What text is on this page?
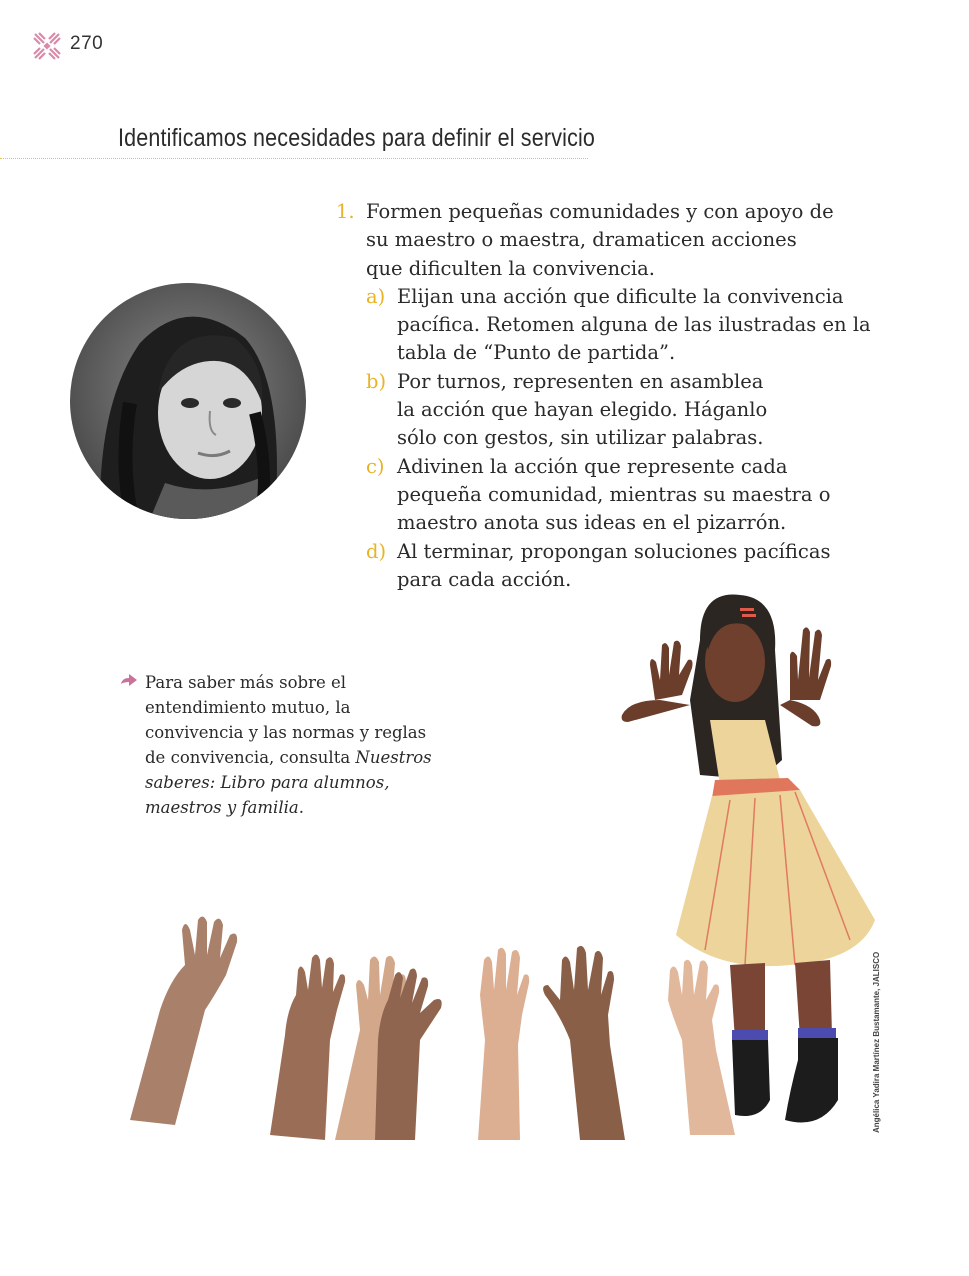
270
Identificamos necesidades para definir el servicio
1. Formen pequeñas comunidades y con apoyo de su maestro o maestra, dramaticen acciones que dificulten la convivencia.
a) Elijan una acción que dificulte la convivencia pacífica. Retomen alguna de las ilustradas en la tabla de “Punto de partida”.
b) Por turnos, representen en asamblea la acción que hayan elegido. Háganlo sólo con gestos, sin utilizar palabras.
c) Adivinen la acción que represente cada pequeña comunidad, mientras su maestra o maestro anota sus ideas en el pizarrón.
d) Al terminar, propongan soluciones pacíficas para cada acción.
Para saber más sobre el entendimiento mutuo, la convivencia y las normas y reglas de convivencia, consulta Nuestros saberes: Libro para alumnos, maestros y familia.
Angélica Yadira Martínez Bustamante, JALISCO
